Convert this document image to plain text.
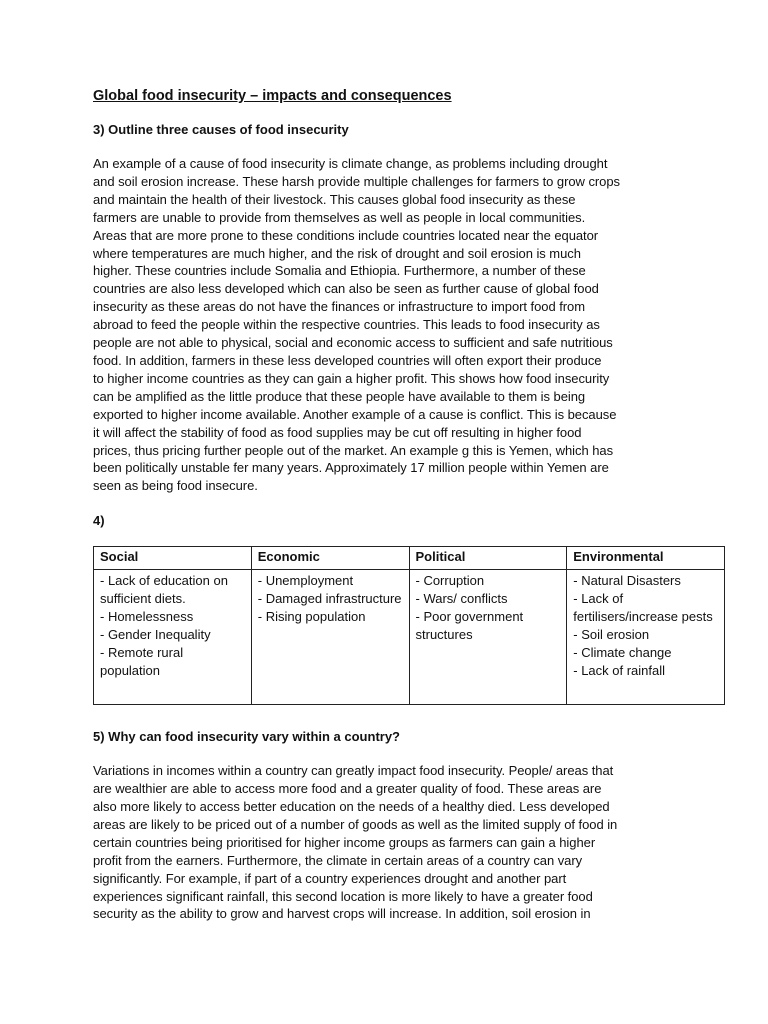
Global food insecurity – impacts and consequences
3) Outline three causes of food insecurity
An example of a cause of food insecurity is climate change, as problems including drought
and soil erosion increase. These harsh provide multiple challenges for farmers to grow crops
and maintain the health of their livestock. This causes global food insecurity as these
farmers are unable to provide from themselves as well as people in local communities.
Areas that are more prone to these conditions include countries located near the equator
where temperatures are much higher, and the risk of drought and soil erosion is much
higher. These countries include Somalia and Ethiopia. Furthermore, a number of these
countries are also less developed which can also be seen as further cause of global food
insecurity as these areas do not have the finances or infrastructure to import food from
abroad to feed the people within the respective countries. This leads to food insecurity as
people are not able to physical, social and economic access to sufficient and safe nutritious
food. In addition, farmers in these less developed countries will often export their produce
to higher income countries as they can gain a higher profit. This shows how food insecurity
can be amplified as the little produce that these people have available to them is being
exported to higher income available. Another example of a cause is conflict. This is because
it will affect the stability of food as food supplies may be cut off resulting in higher food
prices, thus pricing further people out of the market. An example g this is Yemen, which has
been politically unstable fer many years. Approximately 17 million people within Yemen are
seen as being food insecure.
4)
Social	Economic	Political	Environmental

- Lack of education on sufficient diets.
- Homelessness
- Gender Inequality
- Remote rural population	- Unemployment
- Damaged infrastructure
- Rising population	- Corruption
- Wars/ conflicts
- Poor government structures	- Natural Disasters
- Lack of fertilisers/increase pests
- Soil erosion
- Climate change
- Lack of rainfall
5) Why can food insecurity vary within a country?
Variations in incomes within a country can greatly impact food insecurity. People/ areas that
are wealthier are able to access more food and a greater quality of food. These areas are
also more likely to access better education on the needs of a healthy died. Less developed
areas are likely to be priced out of a number of goods as well as the limited supply of food in
certain countries being prioritised for higher income groups as farmers can gain a higher
profit from the earners. Furthermore, the climate in certain areas of a country can vary
significantly. For example, if part of a country experiences drought and another part
experiences significant rainfall, this second location is more likely to have a greater food
security as the ability to grow and harvest crops will increase. In addition, soil erosion in
